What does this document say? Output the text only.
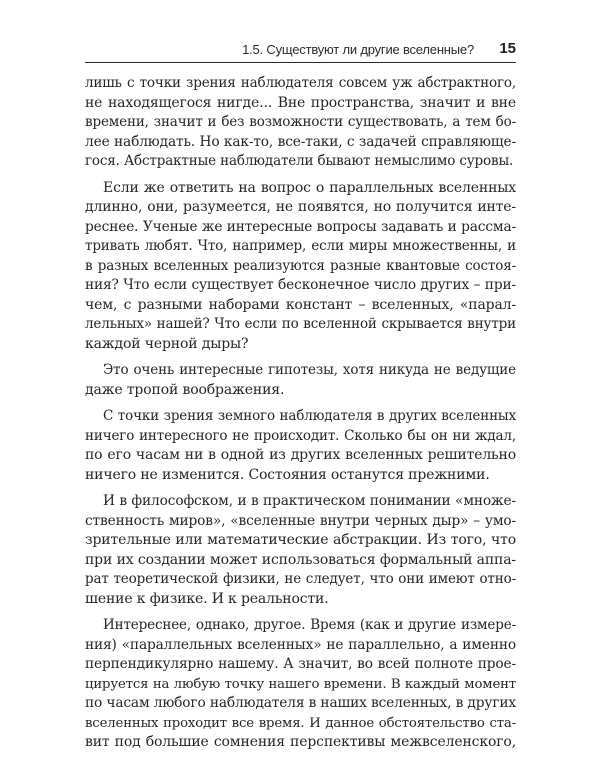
1.5. Существуют ли другие вселенные? 15
лишь с точки зрения наблюдателя совсем уж абстрактного,
не находящегося нигде... Вне пространства, значит и вне
времени, значит и без возможности существовать, а тем бо-
лее наблюдать. Но как-то, все-таки, с задачей справляюще-
гося. Абстрактные наблюдатели бывают немыслимо суровы.
Если же ответить на вопрос о параллельных вселенных
длинно, они, разумеется, не появятся, но получится инте-
реснее. Ученые же интересные вопросы задавать и рассма-
тривать любят. Что, например, если миры множественны, и
в разных вселенных реализуются разные квантовые состоя-
ния? Что если существует бесконечное число других – при-
чем, с разными наборами констант – вселенных, «парал-
лельных» нашей? Что если по вселенной скрывается внутри
каждой черной дыры?
Это очень интересные гипотезы, хотя никуда не ведущие
даже тропой воображения.
С точки зрения земного наблюдателя в других вселенных
ничего интересного не происходит. Сколько бы он ни ждал,
по его часам ни в одной из других вселенных решительно
ничего не изменится. Состояния останутся прежними.
И в философском, и в практическом понимании «множе-
ственность миров», «вселенные внутри черных дыр» – умо-
зрительные или математические абстракции. Из того, что
при их создании может использоваться формальный аппа-
рат теоретической физики, не следует, что они имеют отно-
шение к физике. И к реальности.
Интереснее, однако, другое. Время (как и другие измере-
ния) «параллельных вселенных» не параллельно, а именно
перпендикулярно нашему. А значит, во всей полноте прое-
цируется на любую точку нашего времени. В каждый момент
по часам любого наблюдателя в наших вселенных, в других
вселенных проходит все время. И данное обстоятельство ста-
вит под большие сомнения перспективы межвселенского,
